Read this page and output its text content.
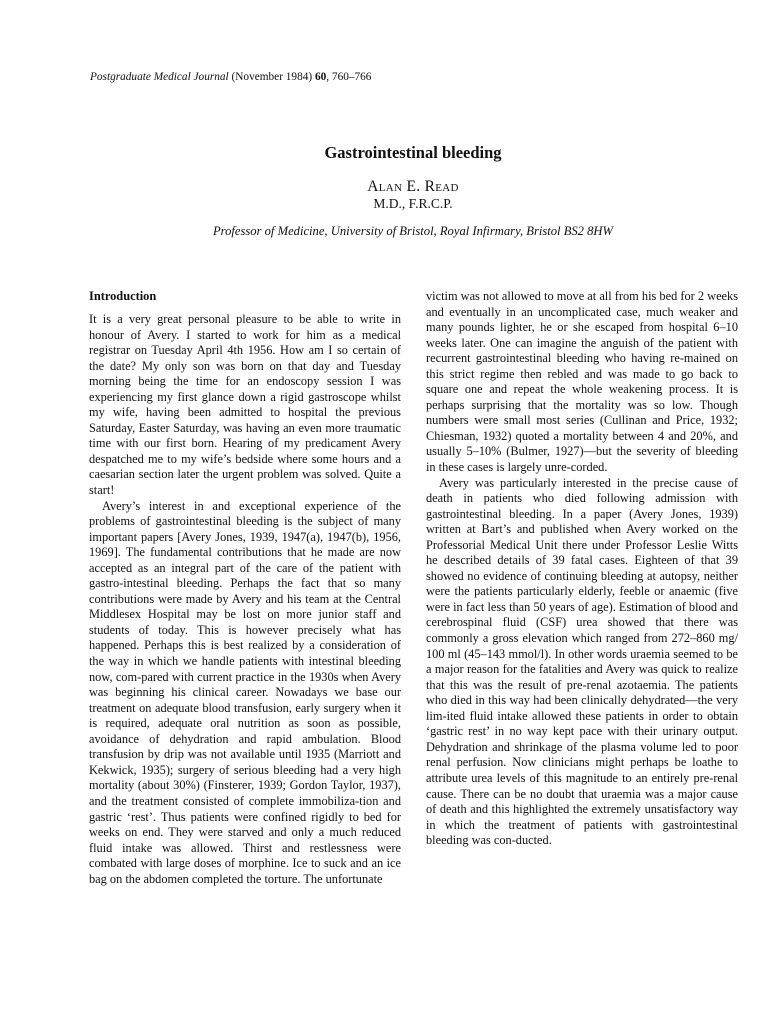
Postgraduate Medical Journal (November 1984) 60, 760–766
Gastrointestinal bleeding
Alan E. Read
M.D., F.R.C.P.
Professor of Medicine, University of Bristol, Royal Infirmary, Bristol BS2 8HW
Introduction

It is a very great personal pleasure to be able to write in honour of Avery. I started to work for him as a medical registrar on Tuesday April 4th 1956. How am I so certain of the date? My only son was born on that day and Tuesday morning being the time for an endoscopy session I was experiencing my first glance down a rigid gastroscope whilst my wife, having been admitted to hospital the previous Saturday, Easter Saturday, was having an even more traumatic time with our first born. Hearing of my predicament Avery despatched me to my wife’s bedside where some hours and a caesarian section later the urgent problem was solved. Quite a start!

Avery’s interest in and exceptional experience of the problems of gastrointestinal bleeding is the subject of many important papers [Avery Jones, 1939, 1947(a), 1947(b), 1956, 1969]. The fundamental contributions that he made are now accepted as an integral part of the care of the patient with gastro-intestinal bleeding. Perhaps the fact that so many contributions were made by Avery and his team at the Central Middlesex Hospital may be lost on more junior staff and students of today. This is however precisely what has happened. Perhaps this is best realized by a consideration of the way in which we handle patients with intestinal bleeding now, com-pared with current practice in the 1930s when Avery was beginning his clinical career. Nowadays we base our treatment on adequate blood transfusion, early surgery when it is required, adequate oral nutrition as soon as possible, avoidance of dehydration and rapid ambulation. Blood transfusion by drip was not available until 1935 (Marriott and Kekwick, 1935); surgery of serious bleeding had a very high mortality (about 30%) (Finsterer, 1939; Gordon Taylor, 1937), and the treatment consisted of complete immobiliza-tion and gastric ‘rest’. Thus patients were confined rigidly to bed for weeks on end. They were starved and only a much reduced fluid intake was allowed. Thirst and restlessness were combated with large doses of morphine. Ice to suck and an ice bag on the abdomen completed the torture. The unfortunate

victim was not allowed to move at all from his bed for 2 weeks and eventually in an uncomplicated case, much weaker and many pounds lighter, he or she escaped from hospital 6–10 weeks later. One can imagine the anguish of the patient with recurrent gastrointestinal bleeding who having re-mained on this strict regime then rebled and was made to go back to square one and repeat the whole weakening process. It is perhaps surprising that the mortality was so low. Though numbers were small most series (Cullinan and Price, 1932; Chiesman, 1932) quoted a mortality between 4 and 20%, and usually 5–10% (Bulmer, 1927)—but the severity of bleeding in these cases is largely unre-corded.

Avery was particularly interested in the precise cause of death in patients who died following admission with gastrointestinal bleeding. In a paper (Avery Jones, 1939) written at Bart’s and published when Avery worked on the Professorial Medical Unit there under Professor Leslie Witts he described details of 39 fatal cases. Eighteen of that 39 showed no evidence of continuing bleeding at autopsy, neither were the patients particularly elderly, feeble or anaemic (five were in fact less than 50 years of age). Estimation of blood and cerebrospinal fluid (CSF) urea showed that there was commonly a gross elevation which ranged from 272–860 mg/ 100 ml (45–143 mmol/l). In other words uraemia seemed to be a major reason for the fatalities and Avery was quick to realize that this was the result of pre-renal azotaemia. The patients who died in this way had been clinically dehydrated—the very lim-ited fluid intake allowed these patients in order to obtain ‘gastric rest’ in no way kept pace with their urinary output. Dehydration and shrinkage of the plasma volume led to poor renal perfusion. Now clinicians might perhaps be loathe to attribute urea levels of this magnitude to an entirely pre-renal cause. There can be no doubt that uraemia was a major cause of death and this highlighted the extremely unsatisfactory way in which the treatment of patients with gastrointestinal bleeding was con-ducted.
